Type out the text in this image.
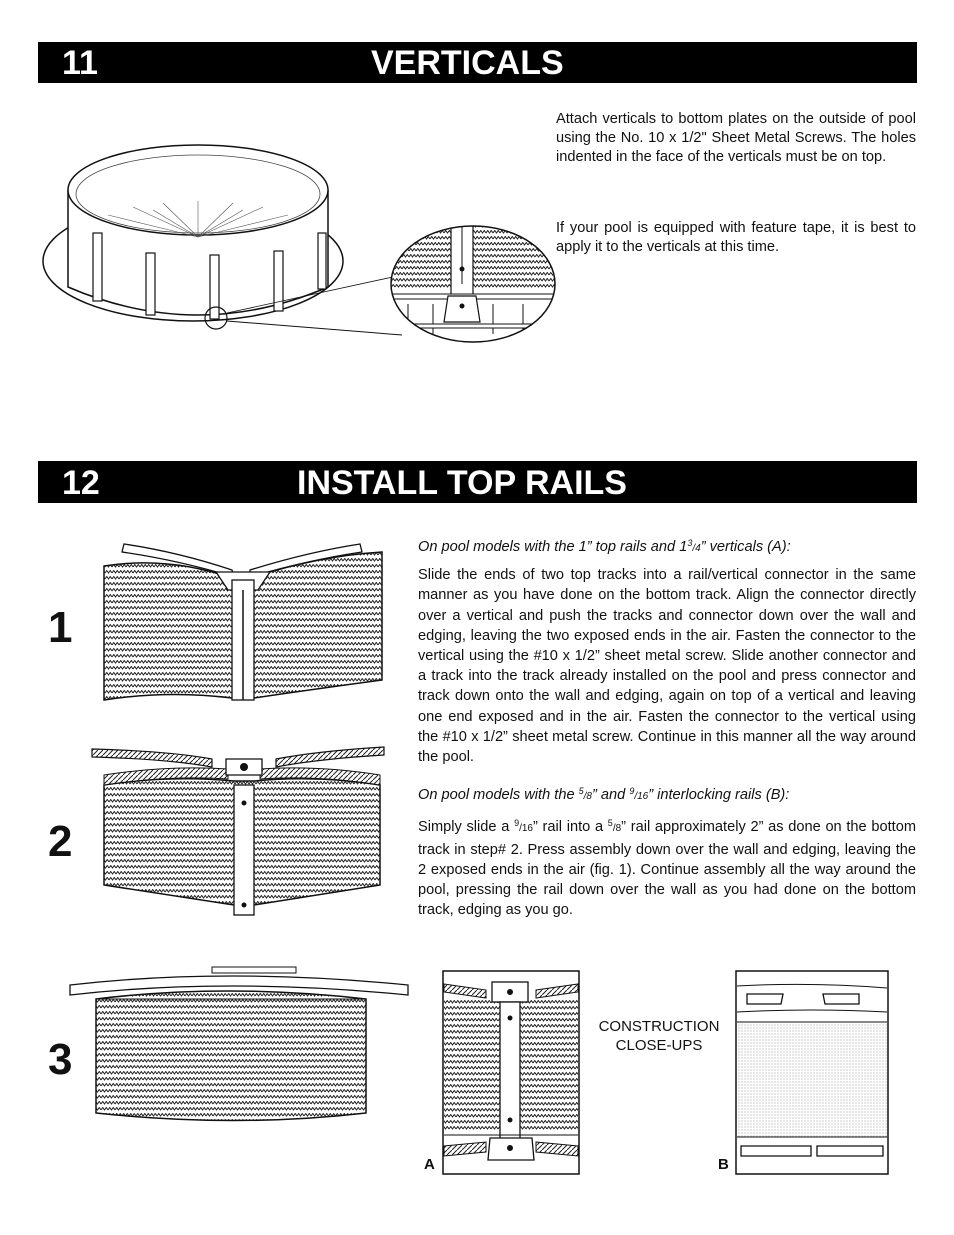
11	VERTICALS

Attach verticals to bottom plates on the outside of pool using the No. 10 x 1/2" Sheet Metal Screws. The holes indented in the face of the verticals must be on top.

If your pool is equipped with feature tape, it is best to apply it to the verticals at this time.

12	INSTALL TOP RAILS
1
2
3

On pool models with the 1” top rails and $1^3/4$” verticals (A):

Slide the ends of two top tracks into a rail/vertical connector in the same manner as you have done on the bottom track. Align the connector directly over a vertical and push the tracks and connector down over the wall and edging, leaving the two exposed ends in the air. Fasten the connector to the vertical using the #10 x 1/2” sheet metal screw. Slide another connector and a track into the track already installed on the pool and press connector and track down onto the wall and edging, again on top of a vertical and leaving one end exposed and in the air. Fasten the connector to the vertical using the #10 x 1/2” sheet metal screw. Continue in this manner all the way around the pool.

On pool models with the $^5$/8” and $^9$/16” interlocking rails (B):

Simply slide a $^9$/16” rail into a $^5$/8” rail approximately 2” as done on the bottom track in step# 2. Press assembly down over the wall and edging, leaving the 2 exposed ends in the air (fig. 1). Continue assembly all the way around the pool, pressing the rail down over the wall as you had done on the bottom track, edging as you go.

CONSTRUCTION CLOSE-UPS
A	B
